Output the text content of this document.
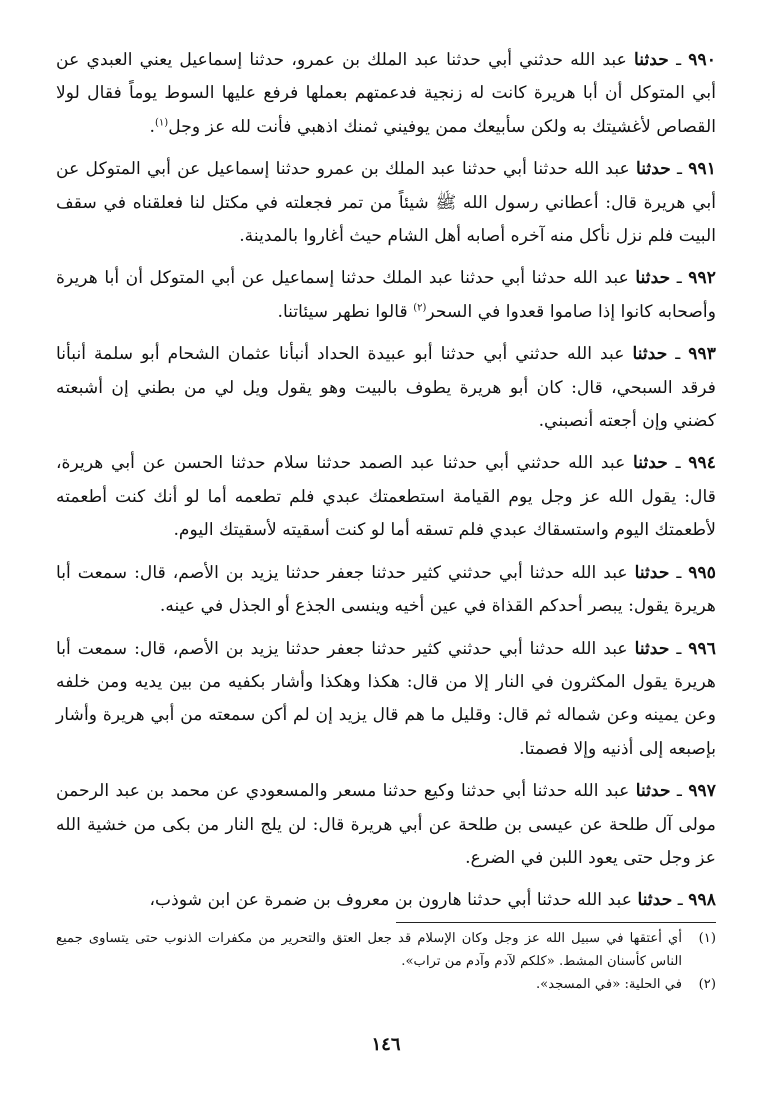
٩٩٠ ـ حدثنا عبد الله حدثني أبي حدثنا عبد الملك بن عمرو، حدثنا إسماعيل يعني العبدي عن أبي المتوكل أن أبا هريرة كانت له زنجية فدعمتهم بعملها فرفع عليها السوط يوماً فقال لولا القصاص لأغشيتك به ولكن سأبيعك ممن يوفيني ثمنك اذهبي فأنت لله عز وجل$^{(١)}$.

٩٩١ ـ حدثنا عبد الله حدثنا أبي حدثنا عبد الملك بن عمرو حدثنا إسماعيل عن أبي المتوكل عن أبي هريرة قال: أعطاني رسول الله ﷺ شيئاً من تمر فجعلته في مكتل لنا فعلقناه في سقف البيت فلم نزل نأكل منه آخره أصابه أهل الشام حيث أغاروا بالمدينة.

٩٩٢ ـ حدثنا عبد الله حدثنا أبي حدثنا عبد الملك حدثنا إسماعيل عن أبي المتوكل أن أبا هريرة وأصحابه كانوا إذا صاموا قعدوا في السحر$^{(٢)}$ قالوا نطهر سيئاتنا.

٩٩٣ ـ حدثنا عبد الله حدثني أبي حدثنا أبو عبيدة الحداد أنبأنا عثمان الشحام أبو سلمة أنبأنا فرقد السبحي، قال: كان أبو هريرة يطوف بالبيت وهو يقول ويل لي من بطني إن أشبعته كضني وإن أجعته أنصبني.

٩٩٤ ـ حدثنا عبد الله حدثني أبي حدثنا عبد الصمد حدثنا سلام حدثنا الحسن عن أبي هريرة، قال: يقول الله عز وجل يوم القيامة استطعمتك عبدي فلم تطعمه أما لو أنك كنت أطعمته لأطعمتك اليوم واستسقاك عبدي فلم تسقه أما لو كنت أسقيته لأسقيتك اليوم.

٩٩٥ ـ حدثنا عبد الله حدثنا أبي حدثني كثير حدثنا جعفر حدثنا يزيد بن الأصم، قال: سمعت أبا هريرة يقول: يبصر أحدكم القذاة في عين أخيه وينسى الجذع أو الجذل في عينه.

٩٩٦ ـ حدثنا عبد الله حدثنا أبي حدثني كثير حدثنا جعفر حدثنا يزيد بن الأصم، قال: سمعت أبا هريرة يقول المكثرون في النار إلا من قال: هكذا وهكذا وأشار بكفيه من بين يديه ومن خلفه وعن يمينه وعن شماله ثم قال: وقليل ما هم قال يزيد إن لم أكن سمعته من أبي هريرة وأشار بإصبعه إلى أذنيه وإلا فصمتا.

٩٩٧ ـ حدثنا عبد الله حدثنا أبي حدثنا وكيع حدثنا مسعر والمسعودي عن محمد بن عبد الرحمن مولى آل طلحة عن عيسى بن طلحة عن أبي هريرة قال: لن يلج النار من بكى من خشية الله عز وجل حتى يعود اللبن في الضرع.

٩٩٨ ـ حدثنا عبد الله حدثنا أبي حدثنا هارون بن معروف بن ضمرة عن ابن شوذب،

(١)
أي أعتقها في سبيل الله عز وجل وكان الإسلام قد جعل العتق والتحرير من مكفرات الذنوب حتى يتساوى جميع الناس كأسنان المشط. «كلكم لآدم وآدم من تراب».
(٢)
في الحلية: «في المسجد».
١٤٦
